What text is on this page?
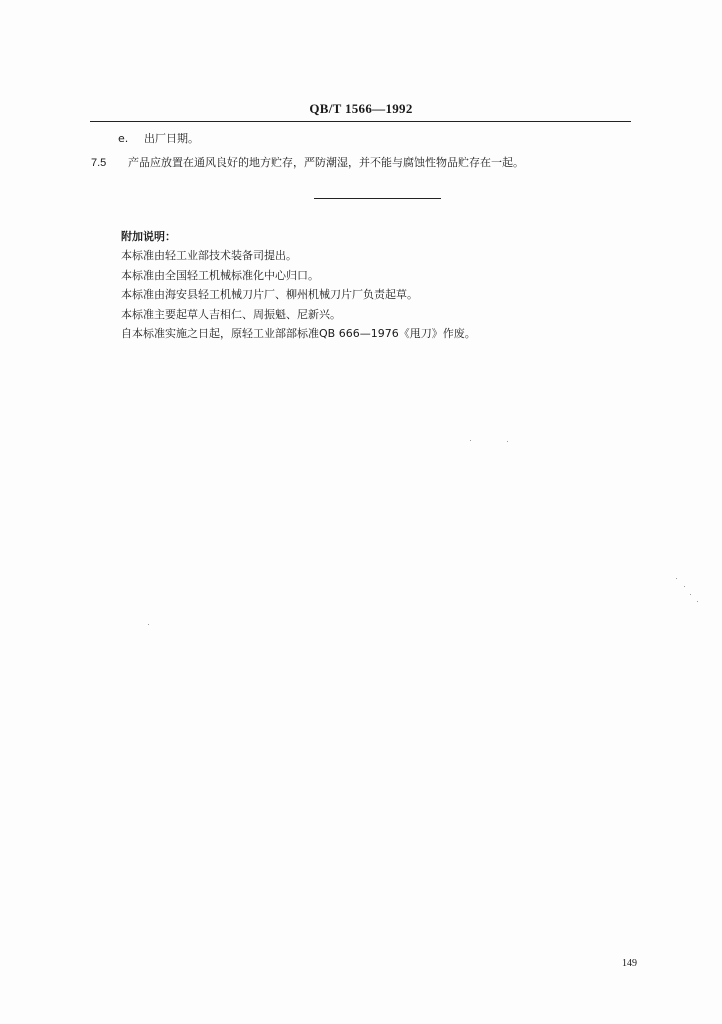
QB/T 1566—1992
e. 出厂日期。
7.5 产品应放置在通风良好的地方贮存，严防潮湿，并不能与腐蚀性物品贮存在一起。
附加说明：
本标准由轻工业部技术装备司提出。
本标准由全国轻工机械标准化中心归口。
本标准由海安县轻工机械刀片厂、柳州机械刀片厂负责起草。
本标准主要起草人吉相仁、周振魁、尼新兴。
自本标准实施之日起，原轻工业部部标准QB 666—1976《甩刀》作废。
149
